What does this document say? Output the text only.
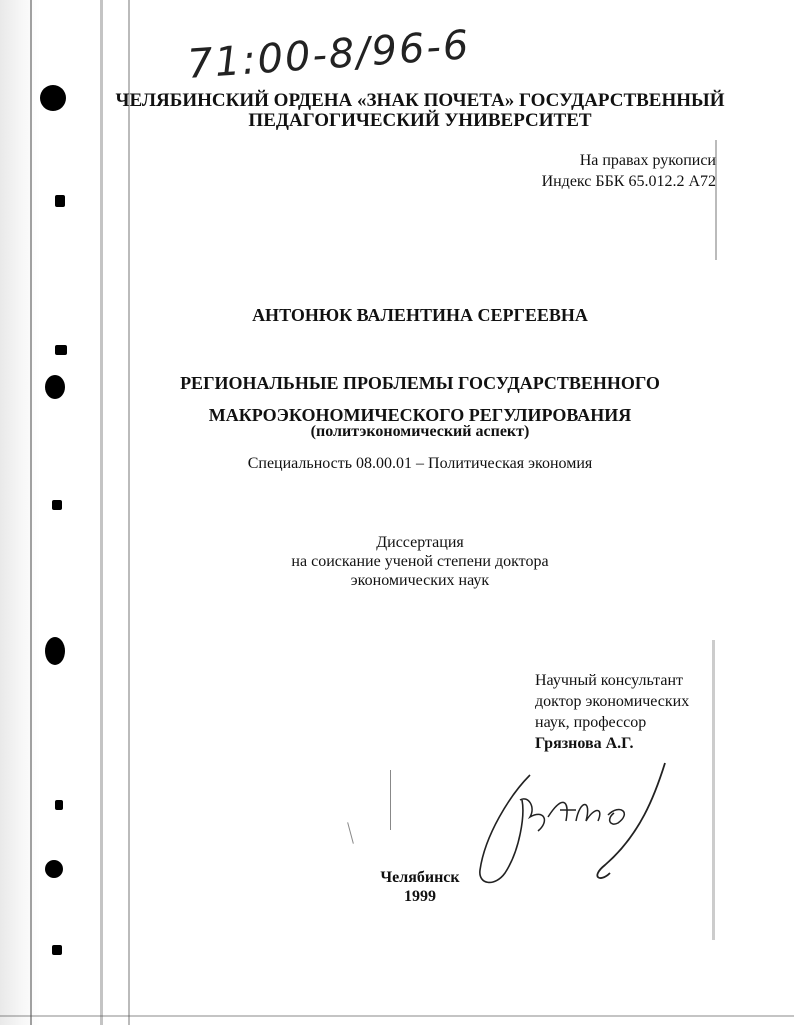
71:00-8/96-6
ЧЕЛЯБИНСКИЙ ОРДЕНА «ЗНАК ПОЧЕТА» ГОСУДАРСТВЕННЫЙ
ПЕДАГОГИЧЕСКИЙ УНИВЕРСИТЕТ
На правах рукописи
Индекс ББК 65.012.2 А72
АНТОНЮК ВАЛЕНТИНА СЕРГЕЕВНА
РЕГИОНАЛЬНЫЕ ПРОБЛЕМЫ ГОСУДАРСТВЕННОГО
МАКРОЭКОНОМИЧЕСКОГО РЕГУЛИРОВАНИЯ
(политэкономический аспект)
Специальность 08.00.01 – Политическая экономия
Диссертация
на соискание ученой степени доктора
экономических наук
Научный консультант
доктор экономических
наук, профессор
Грязнова А.Г.
Челябинск
1999
